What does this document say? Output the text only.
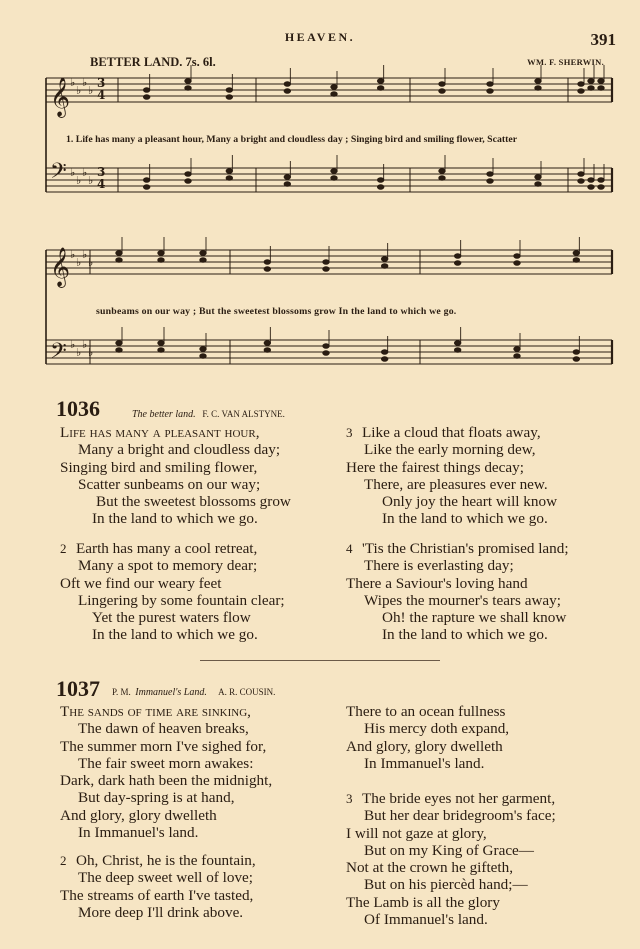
HEAVEN.	391
BETTER LAND. 7s. 6l.	WM. F. SHERWIN.
♭
♭
♭
♭
♭
♭
♭
♭
𝄞
𝄢
3
4
3
4
1. Life has many a pleasant hour, Many a bright and cloudless day ; Singing bird and smiling flower, Scatter
♭
♭
♭
♭
♭
♭
♭
♭
𝄞
𝄢
sunbeams on our way ; But the sweetest blossoms grow In the land to which we go.
1036	The better land. F. C. VAN ALSTYNE.
Life has many a pleasant hour,
Many a bright and cloudless day;
Singing bird and smiling flower,
Scatter sunbeams on our way;
But the sweetest blossoms grow
In the land to which we go.
2 Earth has many a cool retreat,
Many a spot to memory dear;
Oft we find our weary feet
Lingering by some fountain clear;
Yet the purest waters flow
In the land to which we go.
3 Like a cloud that floats away,
Like the early morning dew,
Here the fairest things decay;
There, are pleasures ever new.
Only joy the heart will know
In the land to which we go.
4 'Tis the Christian's promised land;
There is everlasting day;
There a Saviour's loving hand
Wipes the mourner's tears away;
Oh! the rapture we shall know
In the land to which we go.
1037 P. M. Immanuel's Land. A. R. COUSIN.
The sands of time are sinking,
The dawn of heaven breaks,
The summer morn I've sighed for,
The fair sweet morn awakes:
Dark, dark hath been the midnight,
But day-spring is at hand,
And glory, glory dwelleth
In Immanuel's land.
2 Oh, Christ, he is the fountain,
The deep sweet well of love;
The streams of earth I've tasted,
More deep I'll drink above.
There to an ocean fullness
His mercy doth expand,
And glory, glory dwelleth
In Immanuel's land.
3 The bride eyes not her garment,
But her dear bridegroom's face;
I will not gaze at glory,
But on my King of Grace—
Not at the crown he gifteth,
But on his piercèd hand;—
The Lamb is all the glory
Of Immanuel's land.
